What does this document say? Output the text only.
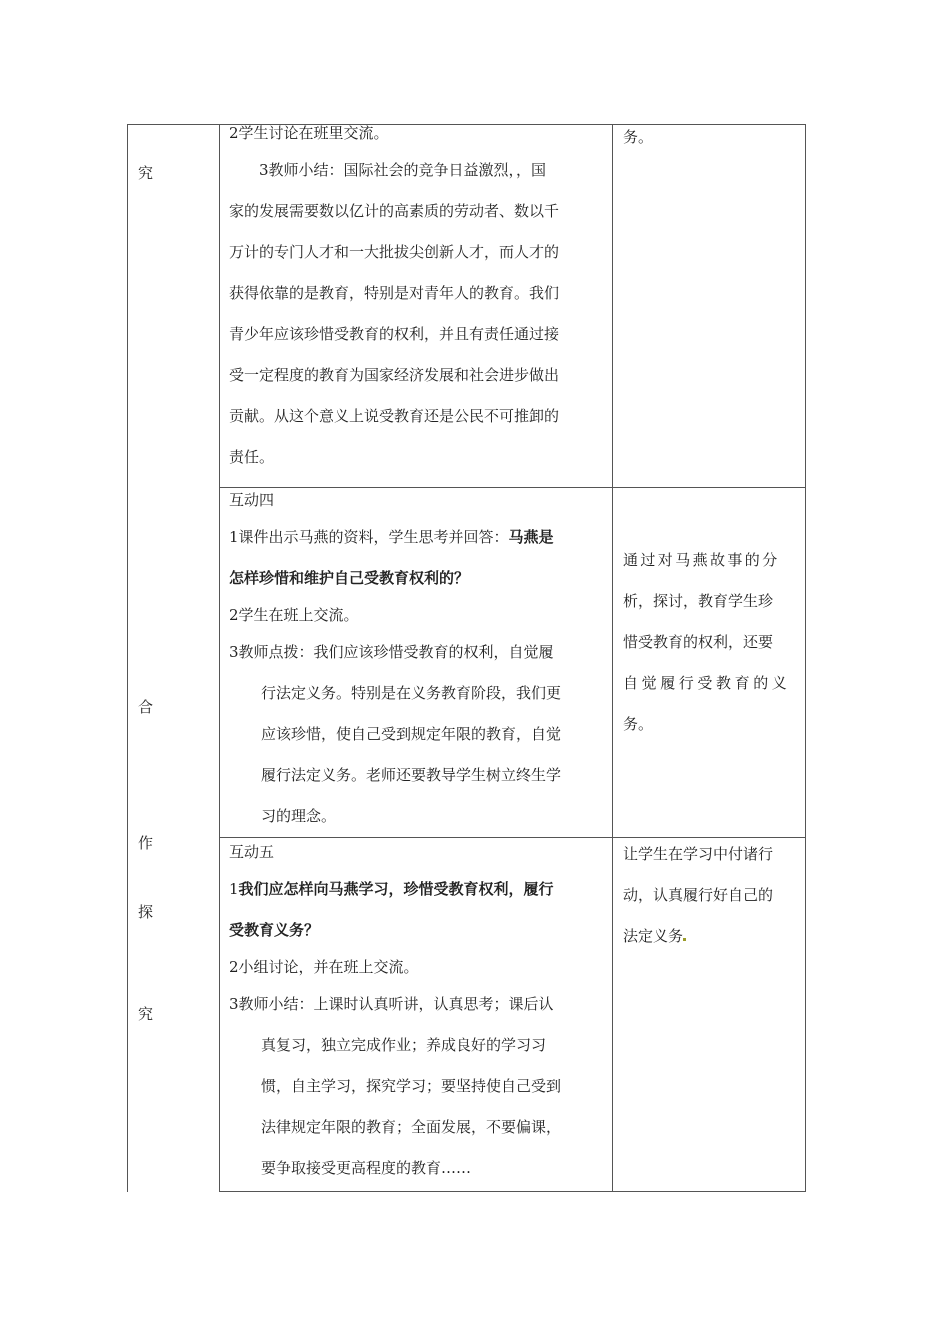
究
合
作
探
究
2学生讨论在班里交流。
3教师小结：国际社会的竞争日益激烈，，国
家的发展需要数以亿计的高素质的劳动者、数以千
万计的专门人才和一大批拔尖创新人才，而人才的
获得依靠的是教育，特别是对青年人的教育。我们
青少年应该珍惜受教育的权利，并且有责任通过接
受一定程度的教育为国家经济发展和社会进步做出
贡献。从这个意义上说受教育还是公民不可推卸的
责任。
务。
互动四
1课件出示马燕的资料，学生思考并回答：马燕是
怎样珍惜和维护自己受教育权利的？
2学生在班上交流。
3教师点拨：我们应该珍惜受教育的权利，自觉履
行法定义务。特别是在义务教育阶段，我们更
应该珍惜，使自己受到规定年限的教育，自觉
履行法定义务。老师还要教导学生树立终生学
习的理念。
通过对马燕故事的分
析，探讨，教育学生珍
惜受教育的权利，还要
自觉履行受教育的义
务。
互动五
1我们应怎样向马燕学习，珍惜受教育权利，履行
受教育义务？
2小组讨论，并在班上交流。
3教师小结：上课时认真听讲，认真思考；课后认
真复习，独立完成作业；养成良好的学习习
惯，自主学习，探究学习；要坚持使自己受到
法律规定年限的教育；全面发展，不要偏课，
要争取接受更高程度的教育……
让学生在学习中付诸行
动，认真履行好自己的
法定义务
